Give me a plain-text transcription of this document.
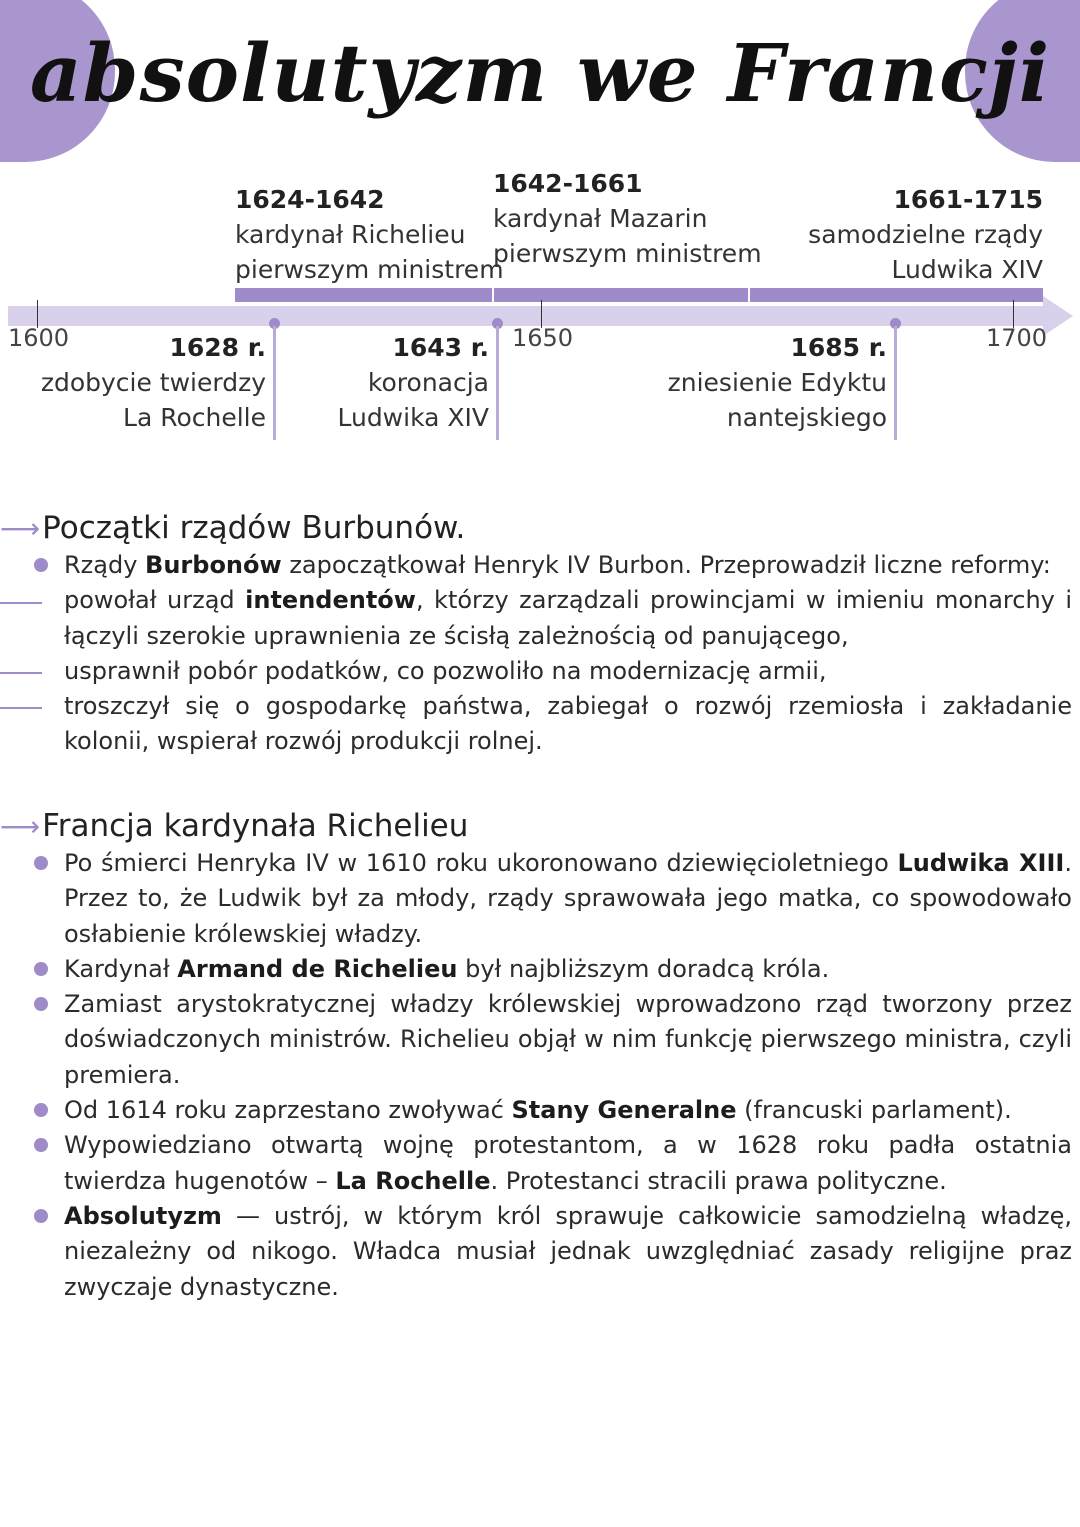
absolutyzm we Francji
1600	1650	1700
1624-1642
kardynał Richelieu
pierwszym ministrem
1642-1661
kardynał Mazarin
pierwszym ministrem
1661-1715
samodzielne rządy
Ludwika XIV
1628 r.
zdobycie twierdzy
La Rochelle
1643 r.
koronacja
Ludwika XIV
1685 r.
zniesienie Edyktu
nantejskiego
⟶Początki rządów Burbunów.
Rządy Burbonów zapoczątkował Henryk IV Burbon. Przeprowadził liczne reformy:
powołał urząd intendentów, którzy zarządzali prowincjami w imieniu monarchy i łączyli szerokie uprawnienia ze ścisłą zależnością od panującego,
usprawnił pobór podatków, co pozwoliło na modernizację armii,
troszczył się o gospodarkę państwa, zabiegał o rozwój rzemiosła i zakładanie kolonii, wspierał rozwój produkcji rolnej.
⟶Francja kardynała Richelieu
Po śmierci Henryka IV w 1610 roku ukoronowano dziewięcioletniego Ludwika XIII. Przez to, że Ludwik był za młody, rządy sprawowała jego matka, co spowodowało osłabienie królewskiej władzy.
Kardynał Armand de Richelieu był najbliższym doradcą króla.
Zamiast arystokratycznej władzy królewskiej wprowadzono rząd tworzony przez doświadczonych ministrów. Richelieu objął w nim funkcję pierwszego ministra, czyli premiera.
Od 1614 roku zaprzestano zwoływać Stany Generalne (francuski parlament).
Wypowiedziano otwartą wojnę protestantom, a w 1628 roku padła ostatnia twierdza hugenotów – La Rochelle. Protestanci stracili prawa polityczne.
Absolutyzm — ustrój, w którym król sprawuje całkowicie samodzielną władzę, niezależny od nikogo. Władca musiał jednak uwzględniać zasady religijne praz zwyczaje dynastyczne.
